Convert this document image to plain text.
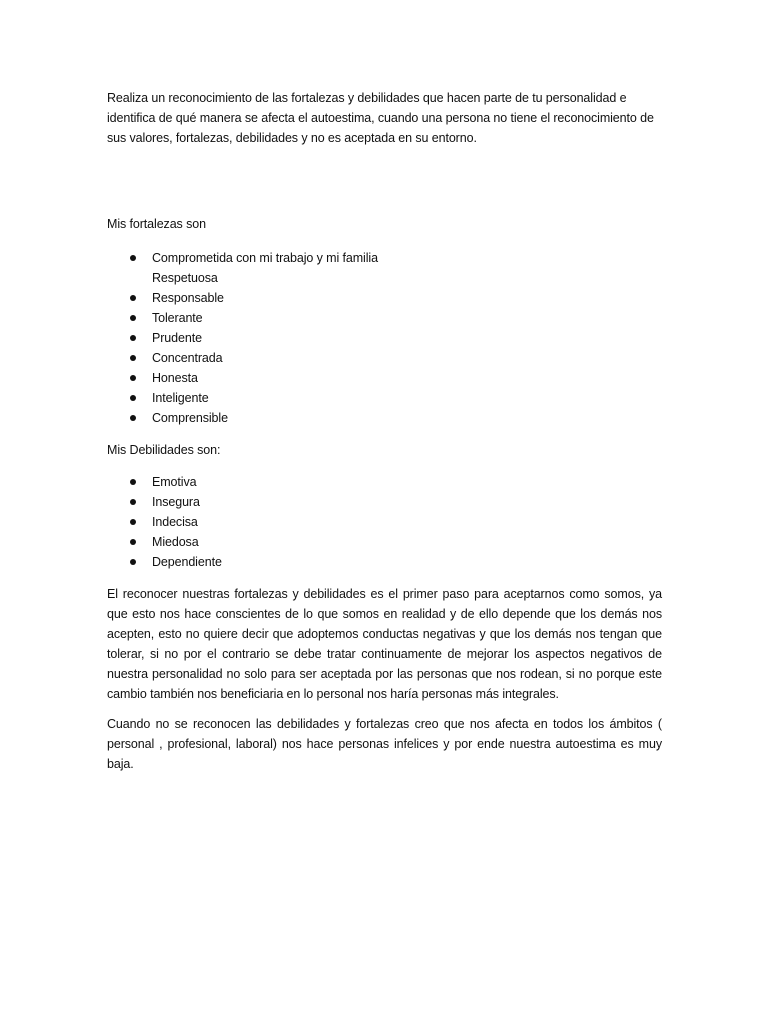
Realiza un reconocimiento de las fortalezas y debilidades que hacen parte de tu personalidad e identifica de qué manera se afecta el autoestima, cuando una persona no tiene el reconocimiento de sus valores, fortalezas, debilidades y no es aceptada en su entorno.

Mis fortalezas son

Comprometida con mi trabajo y mi familia
Respetuosa
Responsable
Tolerante
Prudente
Concentrada
Honesta
Inteligente
Comprensible

Mis Debilidades son:

Emotiva
Insegura
Indecisa
Miedosa
Dependiente

El reconocer nuestras fortalezas y debilidades es el primer paso para aceptarnos como somos, ya que esto nos hace conscientes de lo que somos en realidad y de ello depende que los demás nos acepten, esto no quiere decir que adoptemos conductas negativas y que los demás nos tengan que tolerar, si no por el contrario se debe tratar continuamente de mejorar los aspectos negativos de nuestra personalidad no solo para ser aceptada por las personas que nos rodean, si no porque este cambio también nos beneficiaria en lo personal nos haría personas más integrales.

Cuando no se reconocen las debilidades y fortalezas creo que nos afecta en todos los ámbitos ( personal , profesional, laboral) nos hace personas infelices y por ende nuestra autoestima es muy baja.
